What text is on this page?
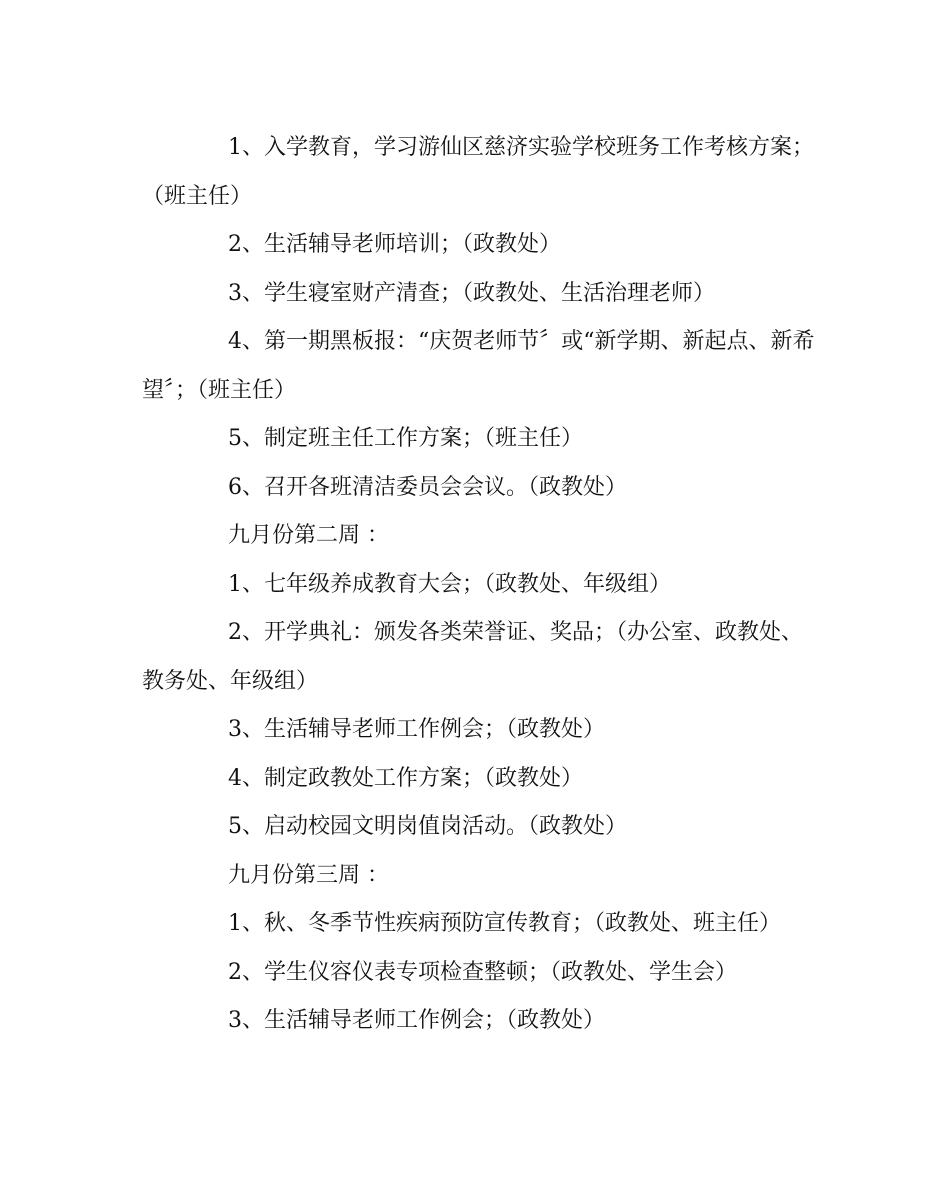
1、入学教育，学习游仙区慈济实验学校班务工作考核方案；（班主任）

2、生活辅导老师培训；（政教处）

3、学生寝室财产清查；（政教处、生活治理老师）

4、第一期黑板报：“庆贺老师节〞或“新学期、新起点、新希望〞；（班主任）

5、制定班主任工作方案；（班主任）

6、召开各班清洁委员会会议。（政教处）

九月份第二周 ：

1、七年级养成教育大会；（政教处、年级组）

2、开学典礼：颁发各类荣誉证、奖品；（办公室、政教处、教务处、年级组）

3、生活辅导老师工作例会；（政教处）

4、制定政教处工作方案；（政教处）

5、启动校园文明岗值岗活动。（政教处）

九月份第三周 ：

1、秋、冬季节性疾病预防宣传教育；（政教处、班主任）

2、学生仪容仪表专项检查整顿；（政教处、学生会）

3、生活辅导老师工作例会；（政教处）
